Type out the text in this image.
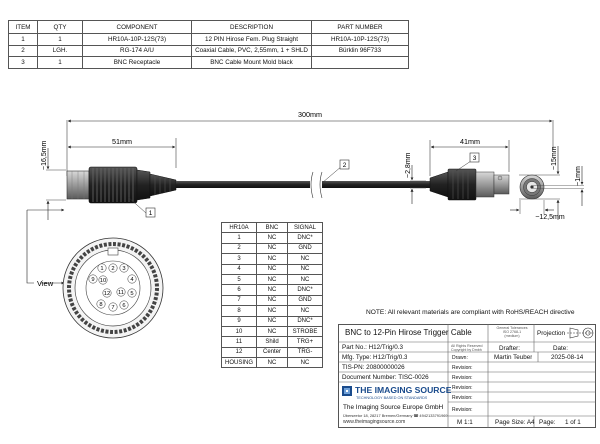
ITEM	QTY	COMPONENT	DESCRIPTION	PART NUMBER
1	1	HR10A-10P-12S(73)	12 PIN Hirose Fem. Plug Straight	HR10A-10P-12S(73)
2	LGH.	RG-174 A/U	Coaxial Cable, PVC, 2,55mm, 1 + SHLD	Bürklin 96F733
3	1	BNC Receptacle	BNC Cable Mount Mold black	
300mm
51mm
~16,5mm	~2,8mm
41mm
~15mm
~1mm
~12,5mm
1
2
3
View
1 2 3
4
5
6
7
8
9 10
11
12
HR10A	BNC	SIGNAL
1	NC	DNC*
2	NC	GND
3	NC	NC
4	NC	NC
5	NC	NC
6	NC	DNC*
7	NC	GND
8	NC	NC
9	NC	DNC*
10	NC	STROBE
11	Shild	TRG+
12	Center	TRG-
HOUSING	NC	NC
NOTE: All relevant materials are compliant with RoHS/REACH directive
BNC to 12-Pin Hirose Trigger Cable	General Tolerances
ISO 2768-1
(medium)	Projection
Part No.: H12/Trig/0.3	All Rights Reserved
Copyright by Dmbh	Drafter:	Date:
Mfg. Type: H12/Trig/0.3	Drawn:	Martin Teuber	2025-08-14
TIS-PN: 20800000026	Revision:
Document Number: TISC-0026	Revision:
Revision:
Revision:
Revision:
THE IMAGING SOURCE
TECHNOLOGY BASED ON STANDARDS
The Imaging Source Europe GmbH
Überseetor 18, 28217 Bremen/Germany ☎ 4942133791969
www.theimagingsource.com	M 1:1	Page Size: A4 Page: 1 of 1
